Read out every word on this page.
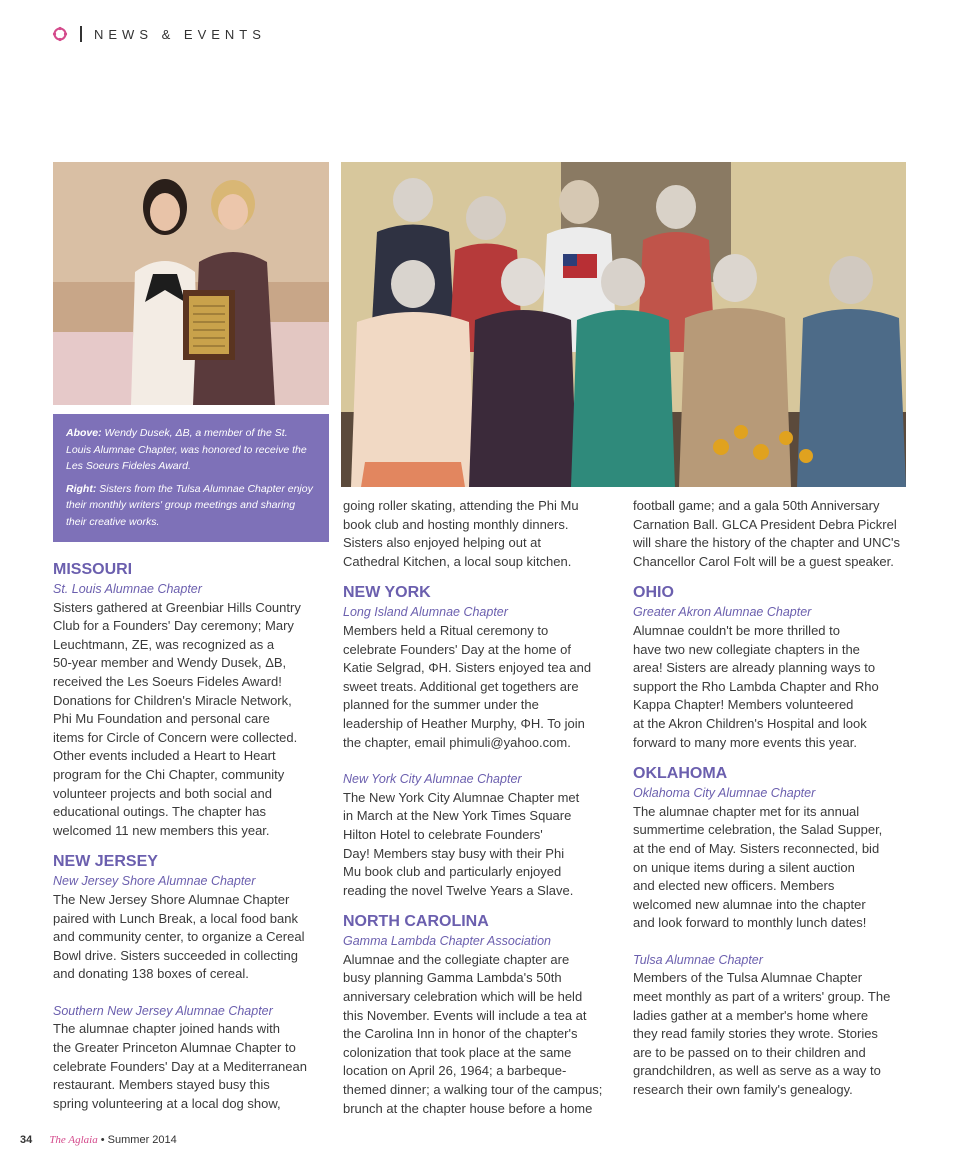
NEWS & EVENTS

Above: Wendy Dusek, ΔB, a member of the St. Louis Alumnae Chapter, was honored to receive the Les Soeurs Fideles Award.

Right: Sisters from the Tulsa Alumnae Chapter enjoy their monthly writers' group meetings and sharing their creative works.

MISSOURI

St. Louis Alumnae Chapter

Sisters gathered at Greenbiar Hills Country
Club for a Founders' Day ceremony; Mary
Leuchtmann, ZE, was recognized as a
50-year member and Wendy Dusek, ΔB,
received the Les Soeurs Fideles Award!
Donations for Children's Miracle Network,
Phi Mu Foundation and personal care
items for Circle of Concern were collected.
Other events included a Heart to Heart
program for the Chi Chapter, community
volunteer projects and both social and
educational outings. The chapter has
welcomed 11 new members this year.

NEW JERSEY

New Jersey Shore Alumnae Chapter

The New Jersey Shore Alumnae Chapter
paired with Lunch Break, a local food bank
and community center, to organize a Cereal
Bowl drive. Sisters succeeded in collecting
and donating 138 boxes of cereal.

Southern New Jersey Alumnae Chapter

The alumnae chapter joined hands with
the Greater Princeton Alumnae Chapter to
celebrate Founders' Day at a Mediterranean
restaurant. Members stayed busy this
spring volunteering at a local dog show,
going roller skating, attending the Phi Mu
book club and hosting monthly dinners.
Sisters also enjoyed helping out at
Cathedral Kitchen, a local soup kitchen.

NEW YORK

Long Island Alumnae Chapter

Members held a Ritual ceremony to
celebrate Founders' Day at the home of
Katie Selgrad, ΦH. Sisters enjoyed tea and
sweet treats. Additional get togethers are
planned for the summer under the
leadership of Heather Murphy, ΦH. To join
the chapter, email phimuli@yahoo.com.

New York City Alumnae Chapter

The New York City Alumnae Chapter met
in March at the New York Times Square
Hilton Hotel to celebrate Founders'
Day! Members stay busy with their Phi
Mu book club and particularly enjoyed
reading the novel Twelve Years a Slave.

NORTH CAROLINA

Gamma Lambda Chapter Association

Alumnae and the collegiate chapter are
busy planning Gamma Lambda's 50th
anniversary celebration which will be held
this November. Events will include a tea at
the Carolina Inn in honor of the chapter's
colonization that took place at the same
location on April 26, 1964; a barbeque-
themed dinner; a walking tour of the campus;
brunch at the chapter house before a home
football game; and a gala 50th Anniversary
Carnation Ball. GLCA President Debra Pickrel
will share the history of the chapter and UNC's
Chancellor Carol Folt will be a guest speaker.

OHIO

Greater Akron Alumnae Chapter

Alumnae couldn't be more thrilled to
have two new collegiate chapters in the
area! Sisters are already planning ways to
support the Rho Lambda Chapter and Rho
Kappa Chapter! Members volunteered
at the Akron Children's Hospital and look
forward to many more events this year.

OKLAHOMA

Oklahoma City Alumnae Chapter

The alumnae chapter met for its annual
summertime celebration, the Salad Supper,
at the end of May. Sisters reconnected, bid
on unique items during a silent auction
and elected new officers. Members
welcomed new alumnae into the chapter
and look forward to monthly lunch dates!

Tulsa Alumnae Chapter

Members of the Tulsa Alumnae Chapter
meet monthly as part of a writers' group. The
ladies gather at a member's home where
they read family stories they wrote. Stories
are to be passed on to their children and
grandchildren, as well as serve as a way to
research their own family's genealogy.
34 The Aglaia • Summer 2014
